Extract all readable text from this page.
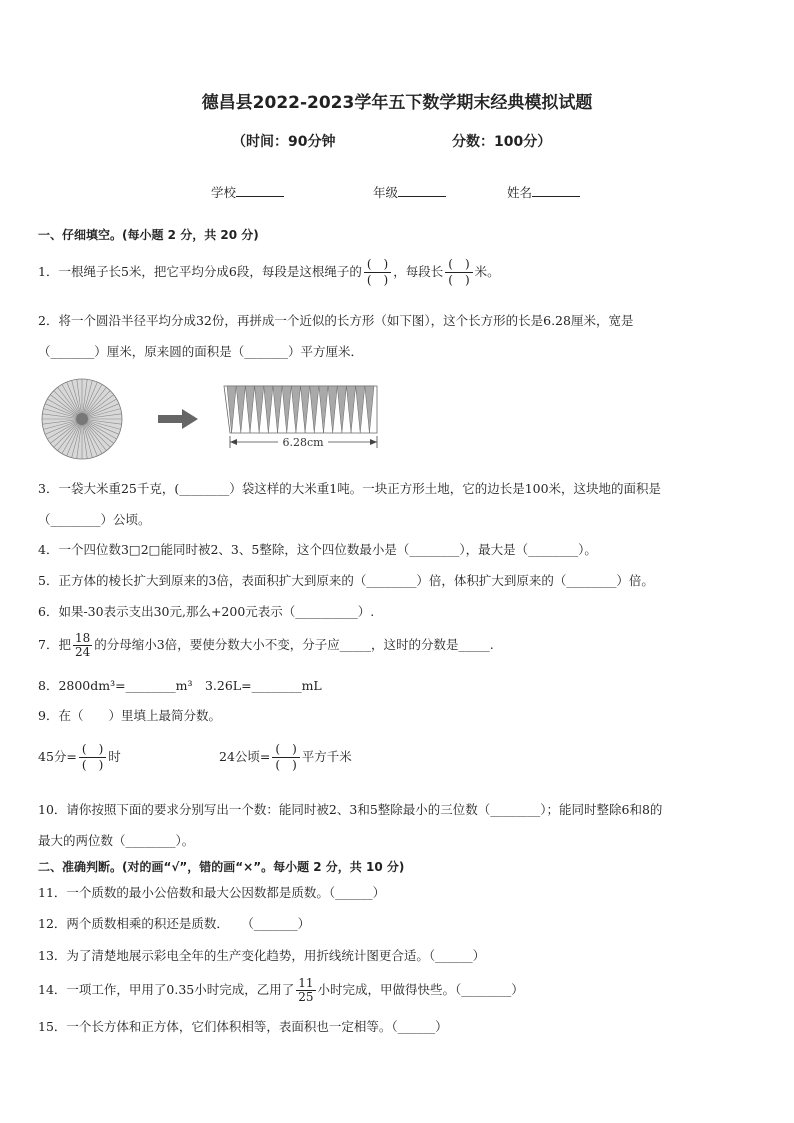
德昌县2022-2023学年五下数学期末经典模拟试题
（时间：90分钟	分数：100分）
学校	年级	姓名
一、仔细填空。(每小题 2 分，共 20 分)
1．一根绳子长5米，把它平均分成6段，每段是这根绳子的 $\frac{( )}{( )}$ ，每段长 $\frac{( )}{( )}$ 米。
2．将一个圆沿半径平均分成32份，再拼成一个近似的长方形（如下图），这个长方形的长是6.28厘米，宽是
（_______）厘米，原来圆的面积是（_______）平方厘米．
6.28cm
3．一袋大米重25千克，(________）袋这样的大米重1吨。一块正方形土地，它的边长是100米，这块地的面积是
（________）公顷。
4．一个四位数3□2□能同时被2、3、5整除，这个四位数最小是（________），最大是（________）。
5．正方体的棱长扩大到原来的3倍，表面积扩大到原来的（________）倍，体积扩大到原来的（________）倍。
6．如果-30表示支出30元,那么+200元表示（__________）.
7．把 $\frac{18}{24}$ 的分母缩小3倍，要使分数大小不变，分子应_____，这时的分数是_____.
8．2800dm³=________m³　3.26L=________mL
9．在（　　）里填上最简分数。
45分= $\frac{( )}{( )}$ 时	24公顷= $\frac{( )}{( )}$ 平方千米
10．请你按照下面的要求分别写出一个数：能同时被2、3和5整除最小的三位数（________）；能同时整除6和8的
最大的两位数（________）。
二、准确判断。(对的画“√”，错的画“×”。每小题 2 分，共 10 分)
11．一个质数的最小公倍数和最大公因数都是质数。（______）
12．两个质数相乘的积还是质数．　　（_______）
13．为了清楚地展示彩电全年的生产变化趋势，用折线统计图更合适。（______）
14．一项工作，甲用了0.35小时完成，乙用了 $\frac{11}{25}$ 小时完成，甲做得快些。（________）
15．一个长方体和正方体，它们体积相等，表面积也一定相等。（______）
